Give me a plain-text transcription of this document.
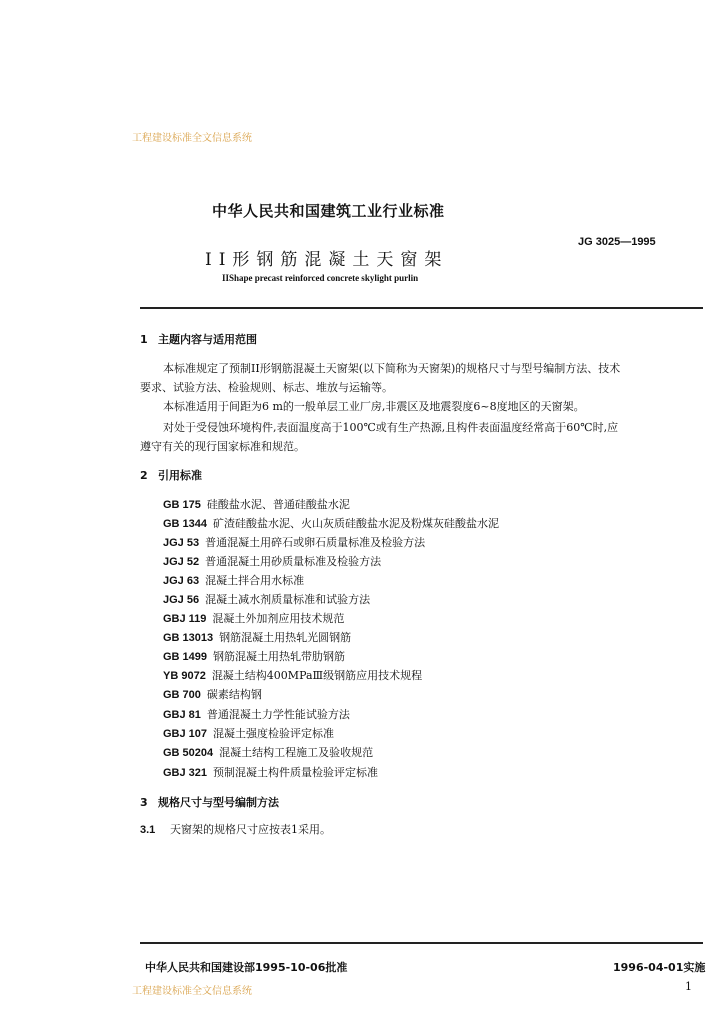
工程建设标准全文信息系统
中华人民共和国建筑工业行业标准
JG 3025—1995
II形钢筋混凝土天窗架
IIShape precast reinforced concrete skylight purlin
1 主题内容与适用范围
本标准规定了预制II形钢筋混凝土天窗架(以下简称为天窗架)的规格尺寸与型号编制方法、技术
要求、试验方法、检验规则、标志、堆放与运输等。
本标准适用于间距为6 m的一般单层工业厂房,非震区及地震裂度6~8度地区的天窗架。
对处于受侵蚀环境构件,表面温度高于100℃或有生产热源,且构件表面温度经常高于60℃时,应
遵守有关的现行国家标准和规范。
2 引用标准
GB 175 硅酸盐水泥、普通硅酸盐水泥
GB 1344 矿渣硅酸盐水泥、火山灰质硅酸盐水泥及粉煤灰硅酸盐水泥
JGJ 53 普通混凝土用碎石或卵石质量标准及检验方法
JGJ 52 普通混凝土用砂质量标准及检验方法
JGJ 63 混凝土拌合用水标准
JGJ 56 混凝土减水剂质量标准和试验方法
GBJ 119 混凝土外加剂应用技术规范
GB 13013 钢筋混凝土用热轧光圆钢筋
GB 1499 钢筋混凝土用热轧带肋钢筋
YB 9072 混凝土结构400MPaⅢ级钢筋应用技术规程
GB 700 碳素结构钢
GBJ 81 普通混凝土力学性能试验方法
GBJ 107 混凝土强度检验评定标准
GB 50204 混凝土结构工程施工及验收规范
GBJ 321 预制混凝土构件质量检验评定标准
3 规格尺寸与型号编制方法
3.1 天窗架的规格尺寸应按表1采用。
中华人民共和国建设部1995-10-06批准	1996-04-01实施
工程建设标准全文信息系统	1
